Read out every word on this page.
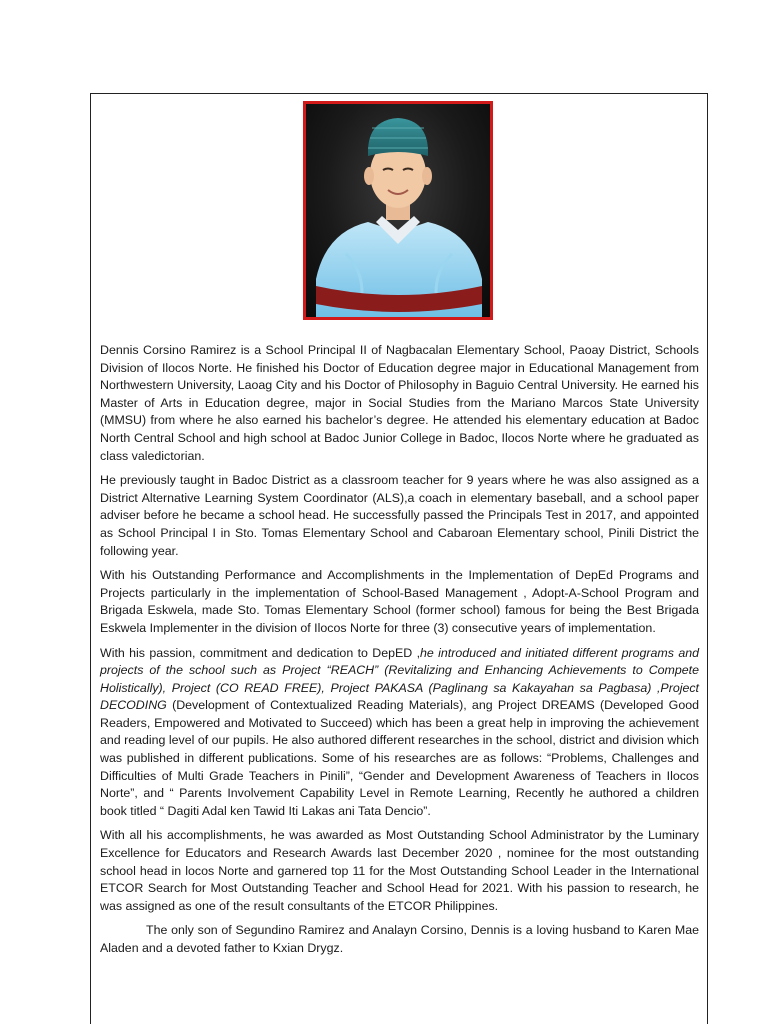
Dennis Corsino Ramirez is a School Principal II of Nagbacalan Elementary School, Paoay District, Schools Division of Ilocos Norte. He finished his Doctor of Education degree major in Educational Management from Northwestern University, Laoag City and his Doctor of Philosophy in Baguio Central University. He earned his Master of Arts in Education degree, major in Social Studies from the Mariano Marcos State University (MMSU) from where he also earned his bachelor’s degree. He attended his elementary education at Badoc North Central School and high school at Badoc Junior College in Badoc, Ilocos Norte where he graduated as class valedictorian.

He previously taught in Badoc District as a classroom teacher for 9 years where he was also assigned as a District Alternative Learning System Coordinator (ALS),a coach in elementary baseball, and a school paper adviser before he became a school head. He successfully passed the Principals Test in 2017, and appointed as School Principal I in Sto. Tomas Elementary School and Cabaroan Elementary school, Pinili District the following year.

With his Outstanding Performance and Accomplishments in the Implementation of DepEd Programs and Projects particularly in the implementation of School-Based Management , Adopt-A-School Program and Brigada Eskwela, made Sto. Tomas Elementary School (former school) famous for being the Best Brigada Eskwela Implementer in the division of Ilocos Norte for three (3) consecutive years of implementation.

With his passion, commitment and dedication to DepED ,he introduced and initiated different programs and projects of the school such as Project “REACH” (Revitalizing and Enhancing Achievements to Compete Holistically), Project (CO READ FREE), Project PAKASA (Paglinang sa Kakayahan sa Pagbasa) ,Project DECODING (Development of Contextualized Reading Materials), ang Project DREAMS (Developed Good Readers, Empowered and Motivated to Succeed) which has been a great help in improving the achievement and reading level of our pupils. He also authored different researches in the school, district and division which was published in different publications. Some of his researches are as follows: “Problems, Challenges and Difficulties of Multi Grade Teachers in Pinili”, “Gender and Development Awareness of Teachers in Ilocos Norte”, and “ Parents Involvement Capability Level in Remote Learning, Recently he authored a children book titled “ Dagiti Adal ken Tawid Iti Lakas ani Tata Dencio”.

With all his accomplishments, he was awarded as Most Outstanding School Administrator by the Luminary Excellence for Educators and Research Awards last December 2020 , nominee for the most outstanding school head in locos Norte and garnered top 11 for the Most Outstanding School Leader in the International ETCOR Search for Most Outstanding Teacher and School Head for 2021. With his passion to research, he was assigned as one of the result consultants of the ETCOR Philippines.

The only son of Segundino Ramirez and Analayn Corsino, Dennis is a loving husband to Karen Mae Aladen and a devoted father to Kxian Drygz.
